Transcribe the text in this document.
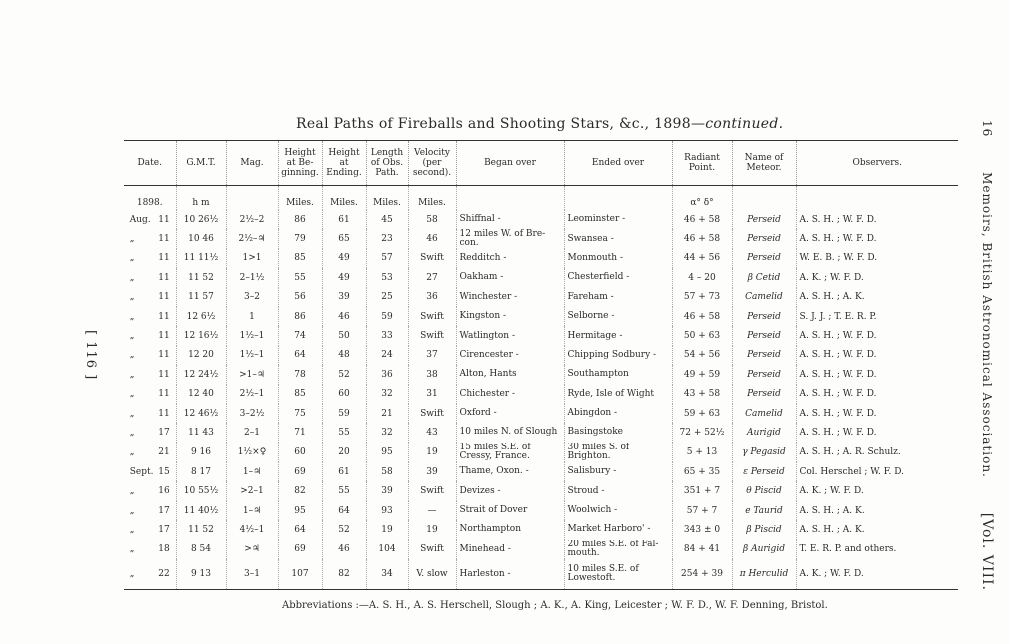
Real Paths of Fireballs and Shooting Stars, &c., 1898—continued.
[ 116 ]
16 Memoirs, British Astronomical Association. [Vol. VIII.
Date.	G.M.T.	Mag.	Height at Be-ginning.	Height at Ending.	Length of Obs. Path.	Velocity (per second).	Began over	Ended over	Radiant Point.	Name of Meteor.	Observers.
1898.	h m		Miles.	Miles.	Miles.	Miles.			α° δ°		
Aug. 11	10 26½	2½–2	86	61	45	58	Shiffnal -	Leominster -	46 + 58	Perseid	A. S. H. ; W. F. D.
„ 11	10 46	2½–♃	79	65	23	46	12 miles W. of Bre-con.	Swansea -	46 + 58	Perseid	A. S. H. ; W. F. D.
„ 11	11 11½	1>1	85	49	57	Swift	Redditch -	Monmouth -	44 + 56	Perseid	W. E. B. ; W. F. D.
„ 11	11 52	2–1½	55	49	53	27	Oakham -	Chesterfield -	4 – 20	β Cetid	A. K. ; W. F. D.
„ 11	11 57	3–2	56	39	25	36	Winchester -	Fareham -	57 + 73	Camelid	A. S. H. ; A. K.
„ 11	12 6½	1	86	46	59	Swift	Kingston -	Selborne -	46 + 58	Perseid	S. J. J. ; T. E. R. P.
„ 11	12 16½	1½–1	74	50	33	Swift	Watlington -	Hermitage -	50 + 63	Perseid	A. S. H. ; W. F. D.
„ 11	12 20	1½–1	64	48	24	37	Cirencester -	Chipping Sodbury -	54 + 56	Perseid	A. S. H. ; W. F. D.
„ 11	12 24½	>1–♃	78	52	36	38	Alton, Hants	Southampton	49 + 59	Perseid	A. S. H. ; W. F. D.
„ 11	12 40	2½–1	85	60	32	31	Chichester -	Ryde, Isle of Wight	43 + 58	Perseid	A. S. H. ; W. F. D.
„ 11	12 46½	3–2½	75	59	21	Swift	Oxford -	Abingdon -	59 + 63	Camelid	A. S. H. ; W. F. D.
„ 17	11 43	2–1	71	55	32	43	10 miles N. of Slough	Basingstoke	72 + 52½	Aurigid	A. S. H. ; W. F. D.
„ 21	9 16	1½×♀	60	20	95	19	15 miles S.E. of Cressy, France.	30 miles S. of Brighton.	5 + 13	γ Pegasid	A. S. H. ; A. R. Schulz.
Sept. 15	8 17	1–♃	69	61	58	39	Thame, Oxon. -	Salisbury -	65 + 35	ε Perseid	Col. Herschel ; W. F. D.
„ 16	10 55½	>2–1	82	55	39	Swift	Devizes -	Stroud -	351 + 7	θ Piscid	A. K. ; W. F. D.
„ 17	11 40½	1–♃	95	64	93	—	Strait of Dover	Woolwich -	57 + 7	e Taurid	A. S. H. ; A. K.
„ 17	11 52	4½–1	64	52	19	19	Northampton	Market Harboro' -	343 ± 0	β Piscid	A. S. H. ; A. K.
„ 18	8 54	>♃	69	46	104	Swift	Minehead -	20 miles S.E. of Fal-mouth.	84 + 41	β Aurigid	T. E. R. P. and others.
„ 22	9 13	3–1	107	82	34	V. slow	Harleston -	10 miles S.E. of Lowestoft.	254 + 39	π Herculid	A. K. ; W. F. D.
Abbreviations :—A. S. H., A. S. Herschell, Slough ; A. K., A. King, Leicester ; W. F. D., W. F. Denning, Bristol.
